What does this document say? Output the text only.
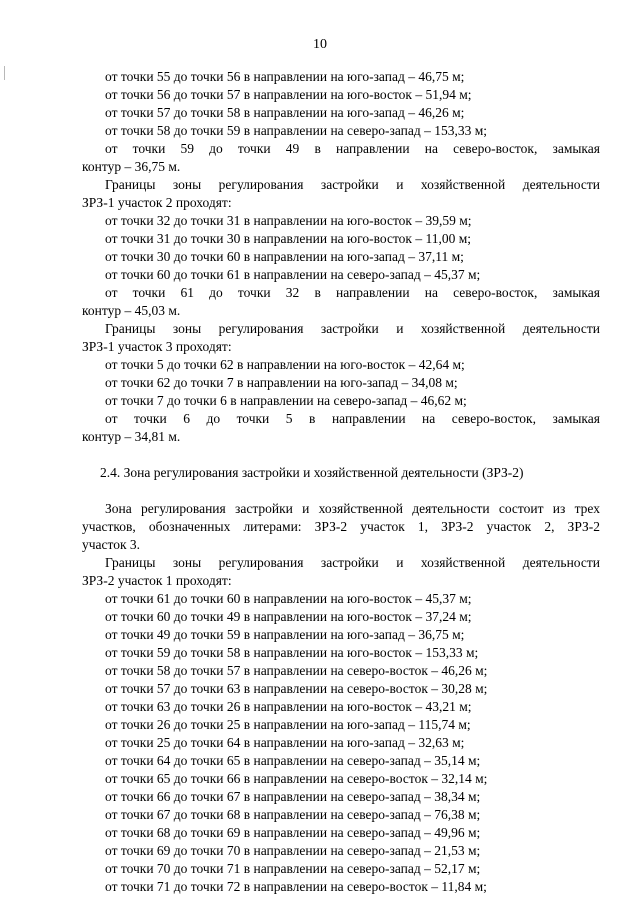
10
от точки 55 до точки 56 в направлении на юго-запад – 46,75 м;
от точки 56 до точки 57 в направлении на юго-восток – 51,94 м;
от точки 57 до точки 58 в направлении на юго-запад – 46,26 м;
от точки 58 до точки 59 в направлении на северо-запад – 153,33 м;
от точки 59 до точки 49 в направлении на северо-восток, замыкая
контур – 36,75 м.
Границы зоны регулирования застройки и хозяйственной деятельности
ЗРЗ-1 участок 2 проходят:
от точки 32 до точки 31 в направлении на юго-восток – 39,59 м;
от точки 31 до точки 30 в направлении на юго-восток – 11,00 м;
от точки 30 до точки 60 в направлении на юго-запад – 37,11 м;
от точки 60 до точки 61 в направлении на северо-запад – 45,37 м;
от точки 61 до точки 32 в направлении на северо-восток, замыкая
контур – 45,03 м.
Границы зоны регулирования застройки и хозяйственной деятельности
ЗРЗ-1 участок 3 проходят:
от точки 5 до точки 62 в направлении на юго-восток – 42,64 м;
от точки 62 до точки 7 в направлении на юго-запад – 34,08 м;
от точки 7 до точки 6 в направлении на северо-запад – 46,62 м;
от точки 6 до точки 5 в направлении на северо-восток, замыкая
контур – 34,81 м.
2.4. Зона регулирования застройки и хозяйственной деятельности (ЗРЗ-2)
Зона регулирования застройки и хозяйственной деятельности состоит из трех
участков, обозначенных литерами: ЗРЗ-2 участок 1, ЗРЗ-2 участок 2, ЗРЗ-2
участок 3.
Границы зоны регулирования застройки и хозяйственной деятельности
ЗРЗ-2 участок 1 проходят:
от точки 61 до точки 60 в направлении на юго-восток – 45,37 м;
от точки 60 до точки 49 в направлении на юго-восток – 37,24 м;
от точки 49 до точки 59 в направлении на юго-запад – 36,75 м;
от точки 59 до точки 58 в направлении на юго-восток – 153,33 м;
от точки 58 до точки 57 в направлении на северо-восток – 46,26 м;
от точки 57 до точки 63 в направлении на северо-восток – 30,28 м;
от точки 63 до точки 26 в направлении на юго-восток – 43,21 м;
от точки 26 до точки 25 в направлении на юго-запад – 115,74 м;
от точки 25 до точки 64 в направлении на юго-запад – 32,63 м;
от точки 64 до точки 65 в направлении на северо-запад – 35,14 м;
от точки 65 до точки 66 в направлении на северо-восток – 32,14 м;
от точки 66 до точки 67 в направлении на северо-запад – 38,34 м;
от точки 67 до точки 68 в направлении на северо-запад – 76,38 м;
от точки 68 до точки 69 в направлении на северо-запад – 49,96 м;
от точки 69 до точки 70 в направлении на северо-запад – 21,53 м;
от точки 70 до точки 71 в направлении на северо-запад – 52,17 м;
от точки 71 до точки 72 в направлении на северо-восток – 11,84 м;
